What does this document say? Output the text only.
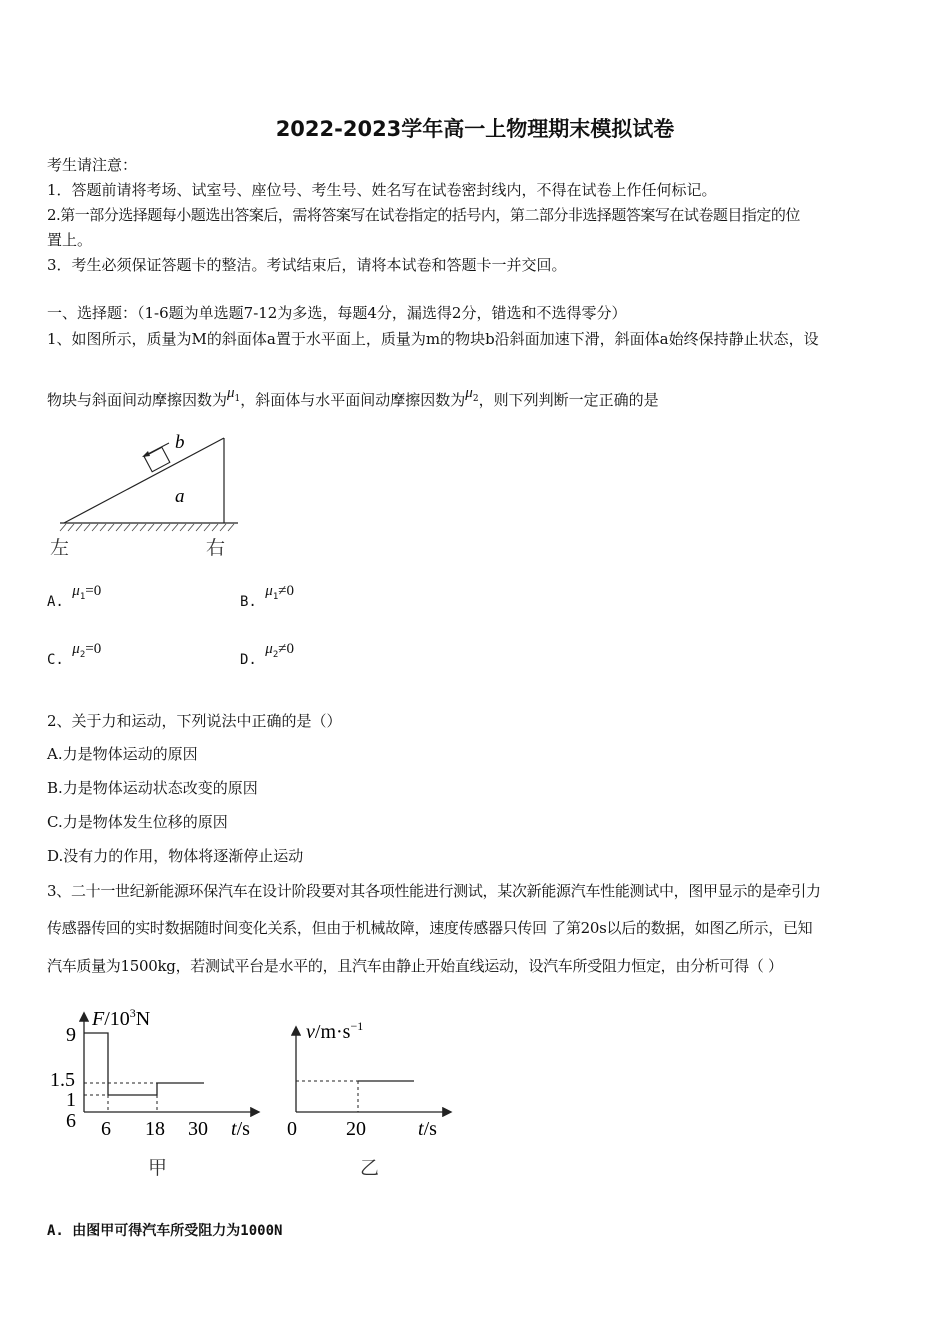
2022-2023学年高一上物理期末模拟试卷
考生请注意：
1．答题前请将考场、试室号、座位号、考生号、姓名写在试卷密封线内，不得在试卷上作任何标记。
2.第一部分选择题每小题选出答案后，需将答案写在试卷指定的括号内，第二部分非选择题答案写在试卷题目指定的位
置上。
3．考生必须保证答题卡的整洁。考试结束后，请将本试卷和答题卡一并交回。
一、选择题：（1-6题为单选题7-12为多选，每题4分，漏选得2分，错选和不选得零分）
1、如图所示，质量为M的斜面体a置于水平面上，质量为m的物块b沿斜面加速下滑，斜面体a始终保持静止状态，设
物块与斜面间动摩擦因数为$\mu_1$，斜面体与水平面间动摩擦因数为$\mu_2$，则下列判断一定正确的是
b
a
左	右
A. $\mu_1=0$
B. $\mu_1\ne 0$
C. $\mu_2=0$
D. $\mu_2\ne 0$
2、关于力和运动，下列说法中正确的是（）
A.力是物体运动的原因
B.力是物体运动状态改变的原因
C.力是物体发生位移的原因
D.没有力的作用，物体将逐渐停止运动
3、二十一世纪新能源环保汽车在设计阶段要对其各项性能进行测试，某次新能源汽车性能测试中，图甲显示的是牵引力
传感器传回的实时数据随时间变化关系，但由于机械故障，速度传感器只传回 了第20s以后的数据，如图乙所示，已知
汽车质量为1500kg，若测试平台是水平的，且汽车由静止开始直线运动，设汽车所受阻力恒定，由分析可得（ ）
$F/10^3N$
9
1.5
1
6 6 18 30 t/s
甲
$v/m\cdot s^{-1}$
0 20	t/s
乙
A. 由图甲可得汽车所受阻力为1000N
